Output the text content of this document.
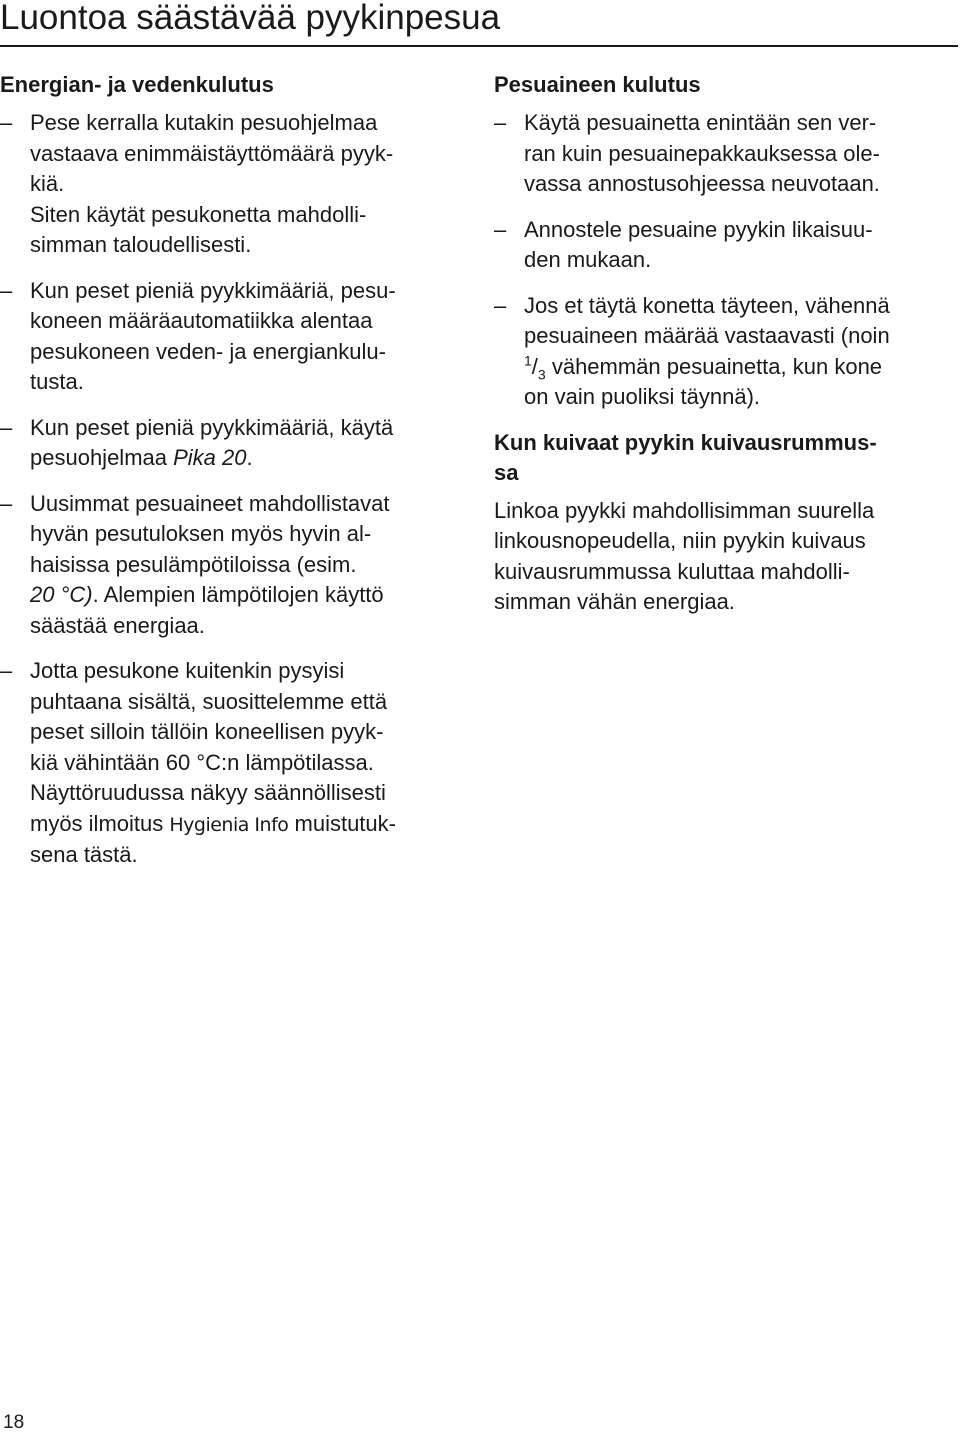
Luontoa säästävää pyykinpesua
Energian- ja vedenkulutus
– Pese kerralla kutakin pesuohjelmaa
vastaava enimmäistäyttömäärä pyyk-
kiä.
Siten käytät pesukonetta mahdolli-
simman taloudellisesti.
– Kun peset pieniä pyykkimääriä, pesu-
koneen määräautomatiikka alentaa
pesukoneen veden- ja energiankulu-
tusta.
– Kun peset pieniä pyykkimääriä, käytä
pesuohjelmaa Pika 20.
– Uusimmat pesuaineet mahdollistavat
hyvän pesutuloksen myös hyvin al-
haisissa pesulämpötiloissa (esim.
20 °C). Alempien lämpötilojen käyttö
säästää energiaa.
– Jotta pesukone kuitenkin pysyisi
puhtaana sisältä, suosittelemme että
peset silloin tällöin koneellisen pyyk-
kiä vähintään 60 °C:n lämpötilassa.
Näyttöruudussa näkyy säännöllisesti
myös ilmoitus Hygienia Info muistutuk-
sena tästä.
Pesuaineen kulutus
– Käytä pesuainetta enintään sen ver-
ran kuin pesuainepakkauksessa ole-
vassa annostusohjeessa neuvotaan.
– Annostele pesuaine pyykin likaisuu-
den mukaan.
– Jos et täytä konetta täyteen, vähennä
pesuaineen määrää vastaavasti (noin
$^1/_3$ vähemmän pesuainetta, kun kone
on vain puoliksi täynnä).
Kun kuivaat pyykin kuivausrummus-
sa
Linkoa pyykki mahdollisimman suurella
linkousnopeudella, niin pyykin kuivaus
kuivausrummussa kuluttaa mahdolli-
simman vähän energiaa.
18
